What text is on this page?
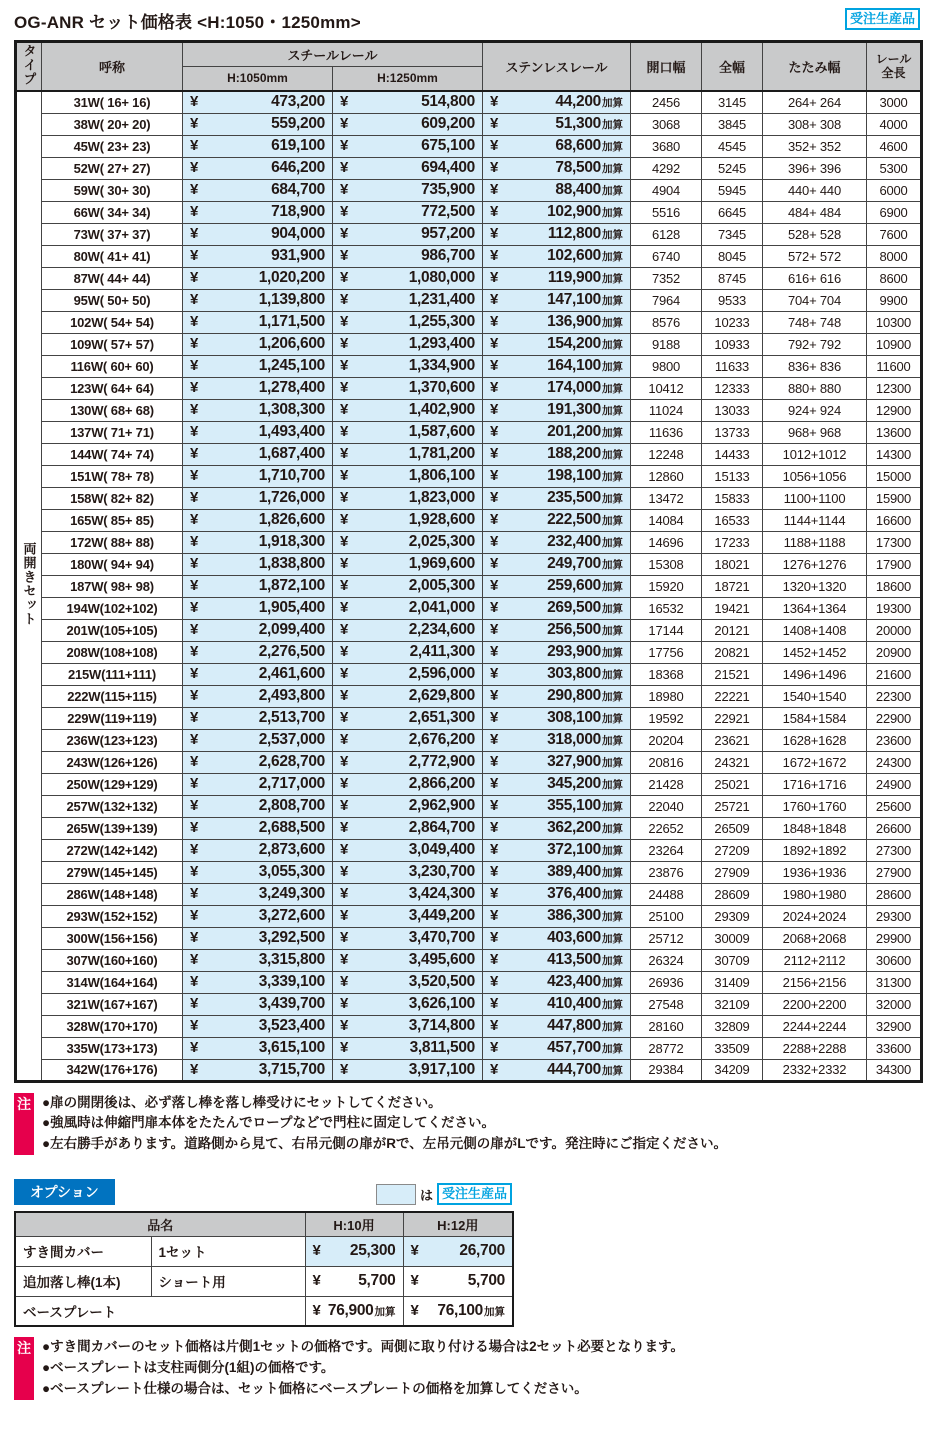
OG-ANR セット価格表 <H:1050・1250mm>	受注生産品
タイプ	呼称	スチールレール		ステンレスレール	開口幅	全幅	たたみ幅	レール全長
		H:1050mm	H:1250mm					
両開きセット	31W( 16+ 16)	¥ 473,200	¥ 514,800	¥ 44,200加算	2456	3145	264+ 264	3000
	38W( 20+ 20)	¥ 559,200	¥ 609,200	¥ 51,300加算	3068	3845	308+ 308	4000
	45W( 23+ 23)	¥ 619,100	¥ 675,100	¥ 68,600加算	3680	4545	352+ 352	4600
	52W( 27+ 27)	¥ 646,200	¥ 694,400	¥ 78,500加算	4292	5245	396+ 396	5300
	59W( 30+ 30)	¥ 684,700	¥ 735,900	¥ 88,400加算	4904	5945	440+ 440	6000
	66W( 34+ 34)	¥ 718,900	¥ 772,500	¥ 102,900加算	5516	6645	484+ 484	6900
	73W( 37+ 37)	¥ 904,000	¥ 957,200	¥ 112,800加算	6128	7345	528+ 528	7600
	80W( 41+ 41)	¥ 931,900	¥ 986,700	¥ 102,600加算	6740	8045	572+ 572	8000
	87W( 44+ 44)	¥ 1,020,200	¥ 1,080,000	¥ 119,900加算	7352	8745	616+ 616	8600
	95W( 50+ 50)	¥ 1,139,800	¥ 1,231,400	¥ 147,100加算	7964	9533	704+ 704	9900
	102W( 54+ 54)	¥ 1,171,500	¥ 1,255,300	¥ 136,900加算	8576	10233	748+ 748	10300
	109W( 57+ 57)	¥ 1,206,600	¥ 1,293,400	¥ 154,200加算	9188	10933	792+ 792	10900
	116W( 60+ 60)	¥ 1,245,100	¥ 1,334,900	¥ 164,100加算	9800	11633	836+ 836	11600
	123W( 64+ 64)	¥ 1,278,400	¥ 1,370,600	¥ 174,000加算	10412	12333	880+ 880	12300
	130W( 68+ 68)	¥ 1,308,300	¥ 1,402,900	¥ 191,300加算	11024	13033	924+ 924	12900
	137W( 71+ 71)	¥ 1,493,400	¥ 1,587,600	¥ 201,200加算	11636	13733	968+ 968	13600
	144W( 74+ 74)	¥ 1,687,400	¥ 1,781,200	¥ 188,200加算	12248	14433	1012+1012	14300
	151W( 78+ 78)	¥ 1,710,700	¥ 1,806,100	¥ 198,100加算	12860	15133	1056+1056	15000
	158W( 82+ 82)	¥ 1,726,000	¥ 1,823,000	¥ 235,500加算	13472	15833	1100+1100	15900
	165W( 85+ 85)	¥ 1,826,600	¥ 1,928,600	¥ 222,500加算	14084	16533	1144+1144	16600
	172W( 88+ 88)	¥ 1,918,300	¥ 2,025,300	¥ 232,400加算	14696	17233	1188+1188	17300
	180W( 94+ 94)	¥ 1,838,800	¥ 1,969,600	¥ 249,700加算	15308	18021	1276+1276	17900
	187W( 98+ 98)	¥ 1,872,100	¥ 2,005,300	¥ 259,600加算	15920	18721	1320+1320	18600
	194W(102+102)	¥ 1,905,400	¥ 2,041,000	¥ 269,500加算	16532	19421	1364+1364	19300
	201W(105+105)	¥ 2,099,400	¥ 2,234,600	¥ 256,500加算	17144	20121	1408+1408	20000
	208W(108+108)	¥ 2,276,500	¥ 2,411,300	¥ 293,900加算	17756	20821	1452+1452	20900
	215W(111+111)	¥ 2,461,600	¥ 2,596,000	¥ 303,800加算	18368	21521	1496+1496	21600
	222W(115+115)	¥ 2,493,800	¥ 2,629,800	¥ 290,800加算	18980	22221	1540+1540	22300
	229W(119+119)	¥ 2,513,700	¥ 2,651,300	¥ 308,100加算	19592	22921	1584+1584	22900
	236W(123+123)	¥ 2,537,000	¥ 2,676,200	¥ 318,000加算	20204	23621	1628+1628	23600
	243W(126+126)	¥ 2,628,700	¥ 2,772,900	¥ 327,900加算	20816	24321	1672+1672	24300
	250W(129+129)	¥ 2,717,000	¥ 2,866,200	¥ 345,200加算	21428	25021	1716+1716	24900
	257W(132+132)	¥ 2,808,700	¥ 2,962,900	¥ 355,100加算	22040	25721	1760+1760	25600
	265W(139+139)	¥ 2,688,500	¥ 2,864,700	¥ 362,200加算	22652	26509	1848+1848	26600
	272W(142+142)	¥ 2,873,600	¥ 3,049,400	¥ 372,100加算	23264	27209	1892+1892	27300
	279W(145+145)	¥ 3,055,300	¥ 3,230,700	¥ 389,400加算	23876	27909	1936+1936	27900
	286W(148+148)	¥ 3,249,300	¥ 3,424,300	¥ 376,400加算	24488	28609	1980+1980	28600
	293W(152+152)	¥ 3,272,600	¥ 3,449,200	¥ 386,300加算	25100	29309	2024+2024	29300
	300W(156+156)	¥ 3,292,500	¥ 3,470,700	¥ 403,600加算	25712	30009	2068+2068	29900
	307W(160+160)	¥ 3,315,800	¥ 3,495,600	¥ 413,500加算	26324	30709	2112+2112	30600
	314W(164+164)	¥ 3,339,100	¥ 3,520,500	¥ 423,400加算	26936	31409	2156+2156	31300
	321W(167+167)	¥ 3,439,700	¥ 3,626,100	¥ 410,400加算	27548	32109	2200+2200	32000
	328W(170+170)	¥ 3,523,400	¥ 3,714,800	¥ 447,800加算	28160	32809	2244+2244	32900
	335W(173+173)	¥ 3,615,100	¥ 3,811,500	¥ 457,700加算	28772	33509	2288+2288	33600
	342W(176+176)	¥ 3,715,700	¥ 3,917,100	¥ 444,700加算	29384	34209	2332+2332	34300
注 ●扉の開閉後は、必ず落し棒を落し棒受けにセットしてください。
●強風時は伸縮門扉本体をたたんでロープなどで門柱に固定してください。
●左右勝手があります。道路側から見て、右吊元側の扉がRで、左吊元側の扉がLです。発注時にご指定ください。
オプション	は 受注生産品
品名		H:10用	H:12用
すき間カバー	1セット	¥ 25,300	¥ 26,700

追加落し棒(1本)	ショート用	¥ 5,700	¥ 5,700

ベースプレート		¥ 76,900加算	¥ 76,100加算
注 ●すき間カバーのセット価格は片側1セットの価格です。両側に取り付ける場合は2セット必要となります。
●ベースプレートは支柱両側分(1組)の価格です。
●ベースプレート仕様の場合は、セット価格にベースプレートの価格を加算してください。
